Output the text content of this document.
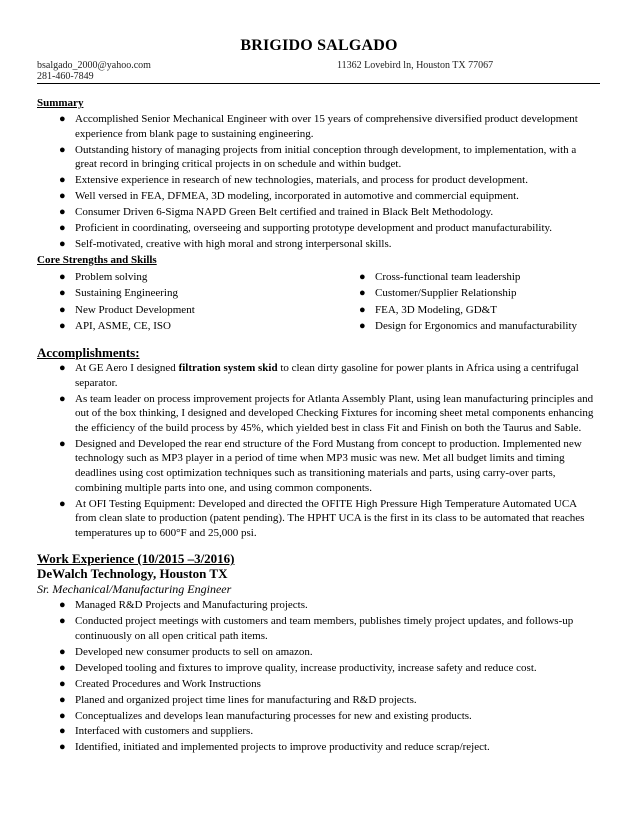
BRIGIDO SALGADO
bsalgado_2000@yahoo.com	11362 Lovebird ln, Houston TX 77067
281-460-7849
Summary
● Accomplished Senior Mechanical Engineer with over 15 years of comprehensive diversified product development experience from blank page to sustaining engineering.
● Outstanding history of managing projects from initial conception through development, to implementation, with a great record in bringing critical projects in on schedule and within budget.
● Extensive experience in research of new technologies, materials, and process for product development.
● Well versed in FEA, DFMEA, 3D modeling, incorporated in automotive and commercial equipment.
● Consumer Driven 6-Sigma NAPD Green Belt certified and trained in Black Belt Methodology.
● Proficient in coordinating, overseeing and supporting prototype development and product manufacturability.
● Self-motivated, creative with high moral and strong interpersonal skills.
Core Strengths and Skills
● Problem solving
● Sustaining Engineering
● New Product Development
● API, ASME, CE, ISO
● Cross-functional team leadership
● Customer/Supplier Relationship
● FEA, 3D Modeling, GD&T
● Design for Ergonomics and manufacturability
Accomplishments:
● At GE Aero I designed filtration system skid to clean dirty gasoline for power plants in Africa using a centrifugal separator.
● As team leader on process improvement projects for Atlanta Assembly Plant, using lean manufacturing principles and out of the box thinking, I designed and developed Checking Fixtures for incoming sheet metal components enhancing the efficiency of the build process by 45%, which yielded best in class Fit and Finish on both the Taurus and Sable.
● Designed and Developed the rear end structure of the Ford Mustang from concept to production. Implemented new technology such as MP3 player in a period of time when MP3 music was new. Met all budget limits and timing deadlines using cost optimization techniques such as transitioning materials and parts, using carry-over parts, combining multiple parts into one, and using common components.
● At OFI Testing Equipment: Developed and directed the OFITE High Pressure High Temperature Automated UCA from clean slate to production (patent pending). The HPHT UCA is the first in its class to be automated that reaches temperatures up to 600°F and 25,000 psi.
Work Experience (10/2015 –3/2016)
DeWalch Technology, Houston TX
Sr. Mechanical/Manufacturing Engineer
● Managed R&D Projects and Manufacturing projects.
● Conducted project meetings with customers and team members, publishes timely project updates, and follows-up continuously on all open critical path items.
● Developed new consumer products to sell on amazon.
● Developed tooling and fixtures to improve quality, increase productivity, increase safety and reduce cost.
● Created Procedures and Work Instructions
● Planed and organized project time lines for manufacturing and R&D projects.
● Conceptualizes and develops lean manufacturing processes for new and existing products.
● Interfaced with customers and suppliers.
● Identified, initiated and implemented projects to improve productivity and reduce scrap/reject.
